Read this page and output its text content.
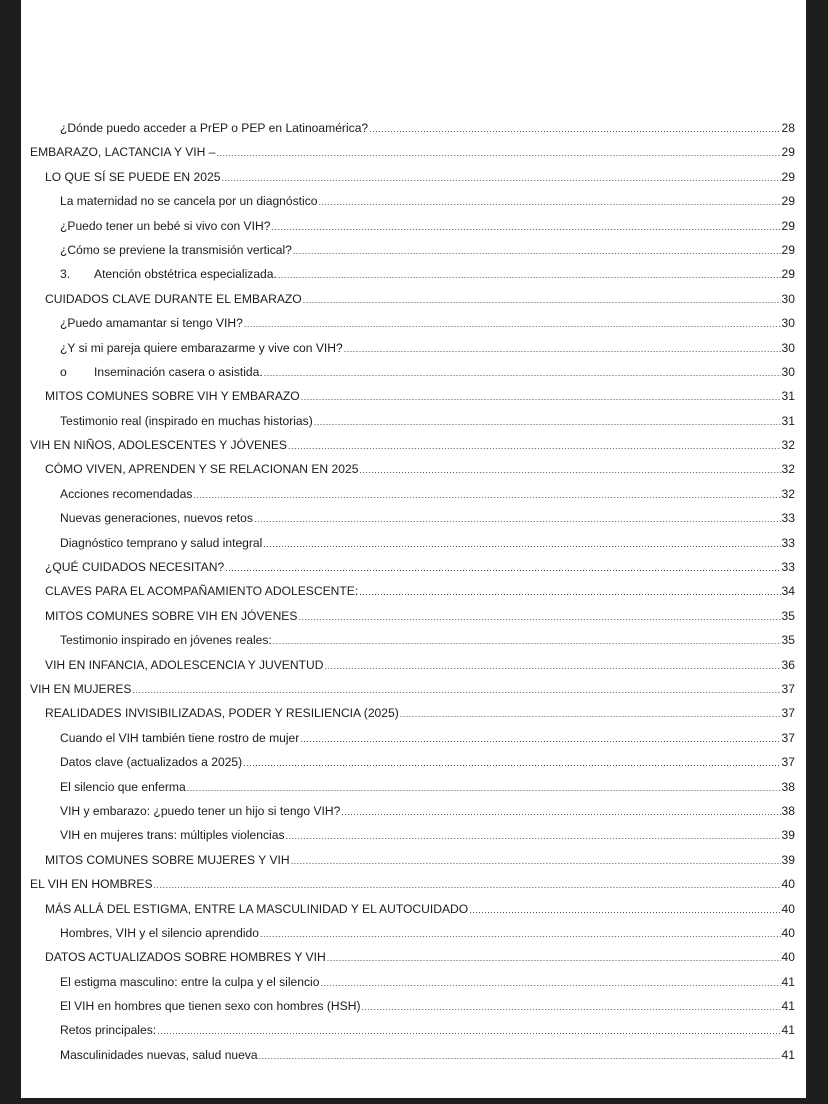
¿Dónde puedo acceder a PrEP o PEP en Latinoamérica? .....	28
EMBARAZO, LACTANCIA Y VIH – .....	29
LO QUE SÍ SE PUEDE EN 2025 .....	29
La maternidad no se cancela por un diagnóstico .....	29
¿Puedo tener un bebé si vivo con VIH? .....	29
¿Cómo se previene la transmisión vertical? .....	29
3.	Atención obstétrica especializada. .....	29
CUIDADOS CLAVE DURANTE EL EMBARAZO .....	30
¿Puedo amamantar si tengo VIH? .....	30
¿Y si mi pareja quiere embarazarme y vive con VIH? .....	30
o	Inseminación casera o asistida. .....	30
MITOS COMUNES SOBRE VIH Y EMBARAZO .....	31
Testimonio real (inspirado en muchas historias) .....	31
VIH EN NIÑOS, ADOLESCENTES Y JÓVENES .....	32
CÓMO VIVEN, APRENDEN Y SE RELACIONAN EN 2025 .....	32
Acciones recomendadas .....	32
Nuevas generaciones, nuevos retos .....	33
Diagnóstico temprano y salud integral .....	33
¿QUÉ CUIDADOS NECESITAN? .....	33
CLAVES PARA EL ACOMPAÑAMIENTO ADOLESCENTE: .....	34
MITOS COMUNES SOBRE VIH EN JÓVENES .....	35
Testimonio inspirado en jóvenes reales: .....	35
VIH EN INFANCIA, ADOLESCENCIA Y JUVENTUD .....	36
VIH EN MUJERES .....	37
REALIDADES INVISIBILIZADAS, PODER Y RESILIENCIA (2025) .....	37
Cuando el VIH también tiene rostro de mujer .....	37
Datos clave (actualizados a 2025) .....	37
El silencio que enferma .....	38
VIH y embarazo: ¿puedo tener un hijo si tengo VIH? .....	38
VIH en mujeres trans: múltiples violencias .....	39
MITOS COMUNES SOBRE MUJERES Y VIH .....	39
EL VIH EN HOMBRES .....	40
MÁS ALLÁ DEL ESTIGMA, ENTRE LA MASCULINIDAD Y EL AUTOCUIDADO .....	40
Hombres, VIH y el silencio aprendido .....	40
DATOS ACTUALIZADOS SOBRE HOMBRES Y VIH .....	40
El estigma masculino: entre la culpa y el silencio .....	41
El VIH en hombres que tienen sexo con hombres (HSH) .....	41
Retos principales: .....	41
Masculinidades nuevas, salud nueva .....	41
